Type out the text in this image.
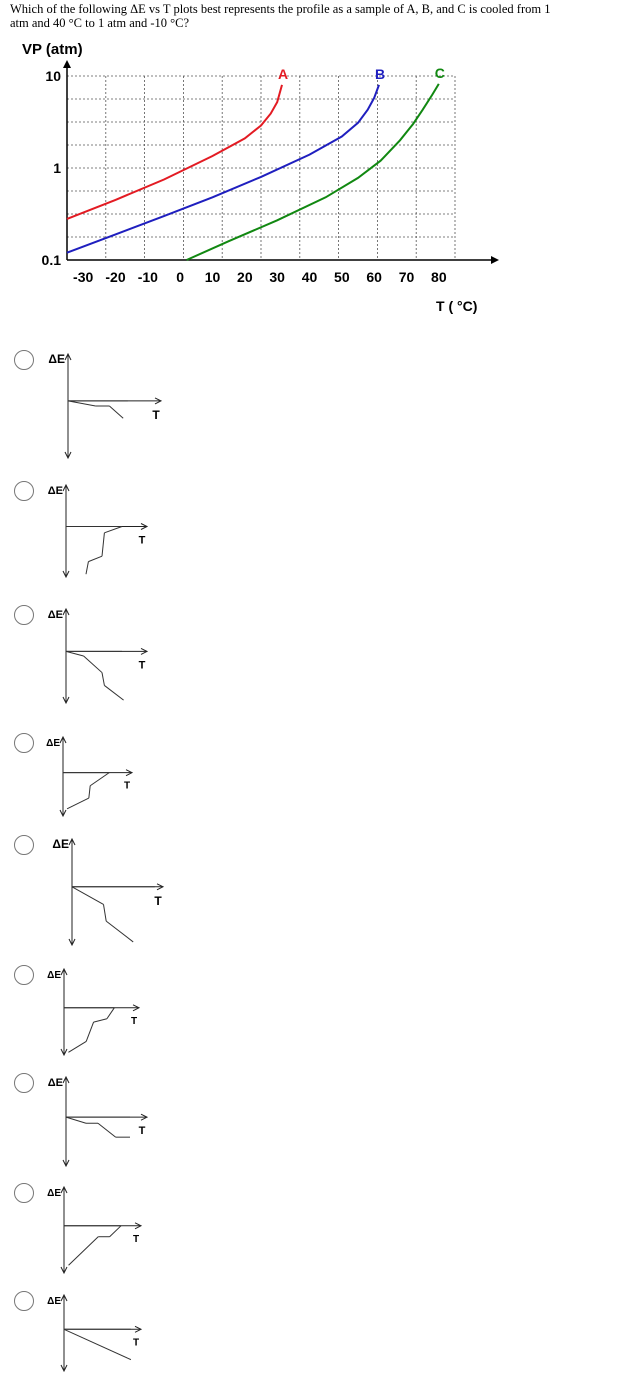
Which of the following ΔE vs T plots best represents the profile as a sample of A, B, and C is cooled from 1
atm and 40 °C to 1 atm and -10 °C?
VP (atm)
T ( °C)
10
1
0.1
-30 -20 -10 0 10 20 30 40 50 60 70 80
A	B	C
ΔE
T
ΔE
T
ΔE
T
ΔE
T
ΔE
T
ΔE
T
ΔE
T
ΔE
T
ΔE
T
